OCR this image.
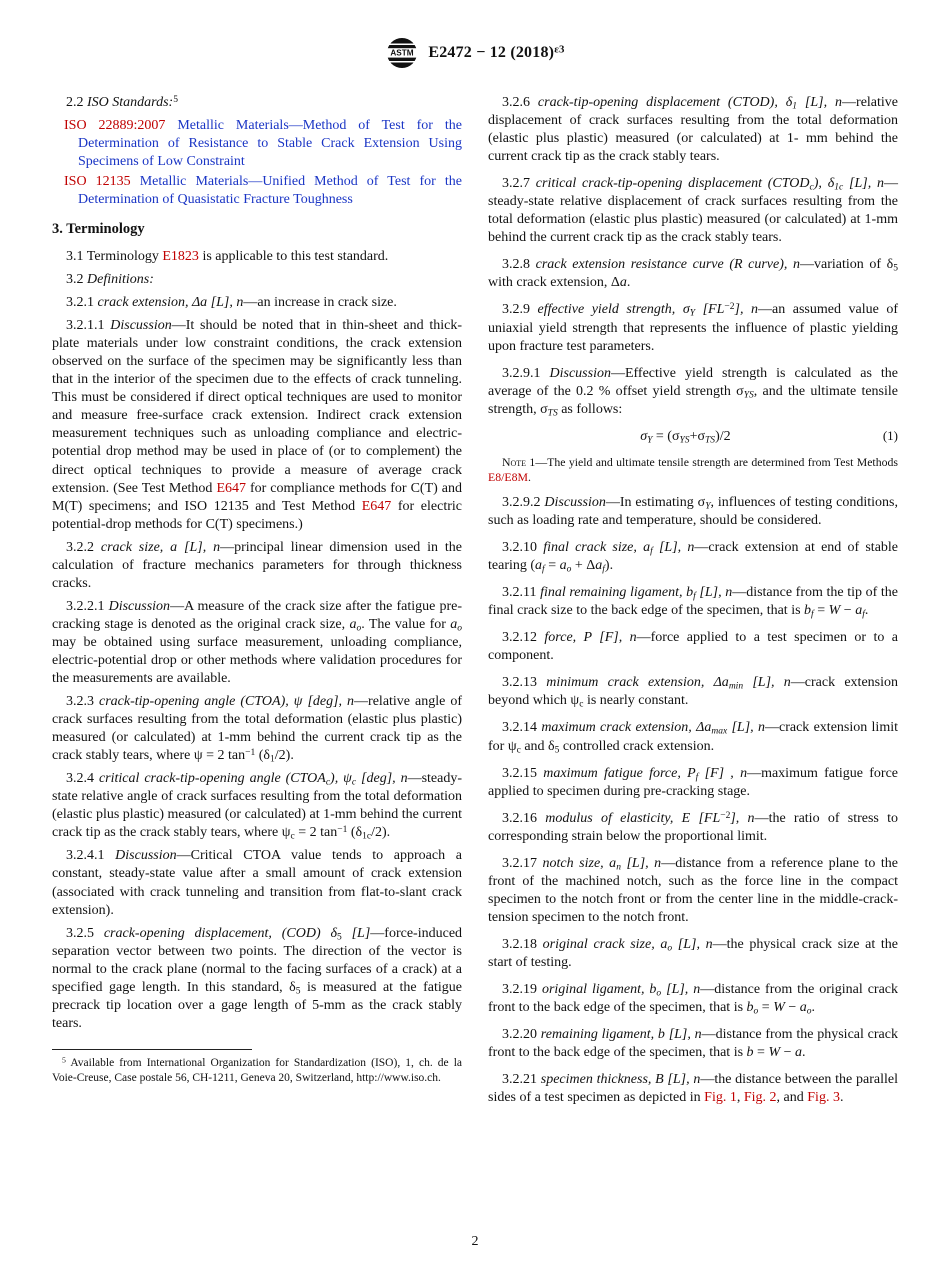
ASTM E2472 − 12 $(2018)^{\varepsilon 3}$
2.2 ISO Standards:$^5$
ISO 22889:2007 Metallic Materials—Method of Test for the Determination of Resistance to Stable Crack Extension Using Specimens of Low Constraint
ISO 12135 Metallic Materials—Unified Method of Test for the Determination of Quasistatic Fracture Toughness
3. Terminology
3.1 Terminology E1823 is applicable to this test standard.
3.2 Definitions:
3.2.1 crack extension, Δa [L], n—an increase in crack size.
3.2.1.1 Discussion—It should be noted that in thin-sheet and thick-plate materials under low constraint conditions, the crack extension observed on the surface of the specimen may be significantly less than that in the interior of the specimen due to the effects of crack tunneling. This must be considered if direct optical techniques are used to monitor and measure free-surface crack extension. Indirect crack extension measurement techniques such as unloading compliance and electric-potential drop method may be used in place of (or to complement) the direct optical techniques to provide a measure of average crack extension. (See Test Method E647 for compliance methods for C(T) and M(T) specimens; and ISO 12135 and Test Method E647 for electric potential-drop methods for C(T) specimens.)
3.2.2 crack size, a [L], n—principal linear dimension used in the calculation of fracture mechanics parameters for through thickness cracks.
3.2.2.1 Discussion—A measure of the crack size after the fatigue pre-cracking stage is denoted as the original crack size, ao. The value for ao may be obtained using surface measurement, unloading compliance, electric-potential drop or other methods where validation procedures for the measurements are available.
3.2.3 crack-tip-opening angle (CTOA), ψ [deg], n—relative angle of crack surfaces resulting from the total deformation (elastic plus plastic) measured (or calculated) at 1-mm behind the current crack tip as the crack stably tears, where ψ = 2 $\tan^{-1} (\delta 1/2)$.
3.2.4 critical crack-tip-opening angle (CTOAc), ψc [deg], n—steady-state relative angle of crack surfaces resulting from the total deformation (elastic plus plastic) measured (or calculated) at 1-mm behind the current crack tip as the crack stably tears, where ψc = 2 $\tan^{-1} (\delta 1c/2)$.
3.2.4.1 Discussion—Critical CTOA value tends to approach a constant, steady-state value after a small amount of crack extension (associated with crack tunneling and transition from flat-to-slant crack extension).
3.2.5 crack-opening displacement, (COD) δ5 [L]—force-induced separation vector between two points. The direction of the vector is normal to the crack plane (normal to the facing surfaces of a crack) at a specified gage length. In this standard, δ5 is measured at the fatigue precrack tip location over a gage length of 5-mm as the crack stably tears.
$^5$ Available from International Organization for Standardization (ISO), 1, ch. de la Voie-Creuse, Case postale 56, CH-1211, Geneva 20, Switzerland, http://www.iso.ch.
3.2.6 crack-tip-opening displacement (CTOD), δ1 [L], n—relative displacement of crack surfaces resulting from the total deformation (elastic plus plastic) measured (or calculated) at 1- mm behind the current crack tip as the crack stably tears.
3.2.7 critical crack-tip-opening displacement (CTODc), δ1c [L], n—steady-state relative displacement of crack surfaces resulting from the total deformation (elastic plus plastic) measured (or calculated) at 1-mm behind the current crack tip as the crack stably tears.
3.2.8 crack extension resistance curve (R curve), n—variation of δ5 with crack extension, Δa.
3.2.9 effective yield strength, σY $[FL^{-2}]$, n—an assumed value of uniaxial yield strength that represents the influence of plastic yielding upon fracture test parameters.
3.2.9.1 Discussion—Effective yield strength is calculated as the average of the 0.2 % offset yield strength σYS, and the ultimate tensile strength, σTS as follows:
σY = (σYS+σTS)/2	(1)
Note 1—The yield and ultimate tensile strength are determined from Test Methods E8/E8M.
3.2.9.2 Discussion—In estimating σY, influences of testing conditions, such as loading rate and temperature, should be considered.
3.2.10 final crack size, af [L], n—crack extension at end of stable tearing (af = ao + Δaf).
3.2.11 final remaining ligament, bf [L], n—distance from the tip of the final crack size to the back edge of the specimen, that is bf = W − af.
3.2.12 force, P [F], n—force applied to a test specimen or to a component.
3.2.13 minimum crack extension, Δamin [L], n—crack extension beyond which ψc is nearly constant.
3.2.14 maximum crack extension, Δamax [L], n—crack extension limit for ψc and δ5 controlled crack extension.
3.2.15 maximum fatigue force, Pf [F] , n—maximum fatigue force applied to specimen during pre-cracking stage.
3.2.16 modulus of elasticity, E $[FL^{-2}]$, n—the ratio of stress to corresponding strain below the proportional limit.
3.2.17 notch size, an [L], n—distance from a reference plane to the front of the machined notch, such as the force line in the compact specimen to the notch front or from the center line in the middle-crack-tension specimen to the notch front.
3.2.18 original crack size, ao [L], n—the physical crack size at the start of testing.
3.2.19 original ligament, bo [L], n—distance from the original crack front to the back edge of the specimen, that is bo = W − ao.
3.2.20 remaining ligament, b [L], n—distance from the physical crack front to the back edge of the specimen, that is b = W − a.
3.2.21 specimen thickness, B [L], n—the distance between the parallel sides of a test specimen as depicted in Fig. 1, Fig. 2, and Fig. 3.
2
